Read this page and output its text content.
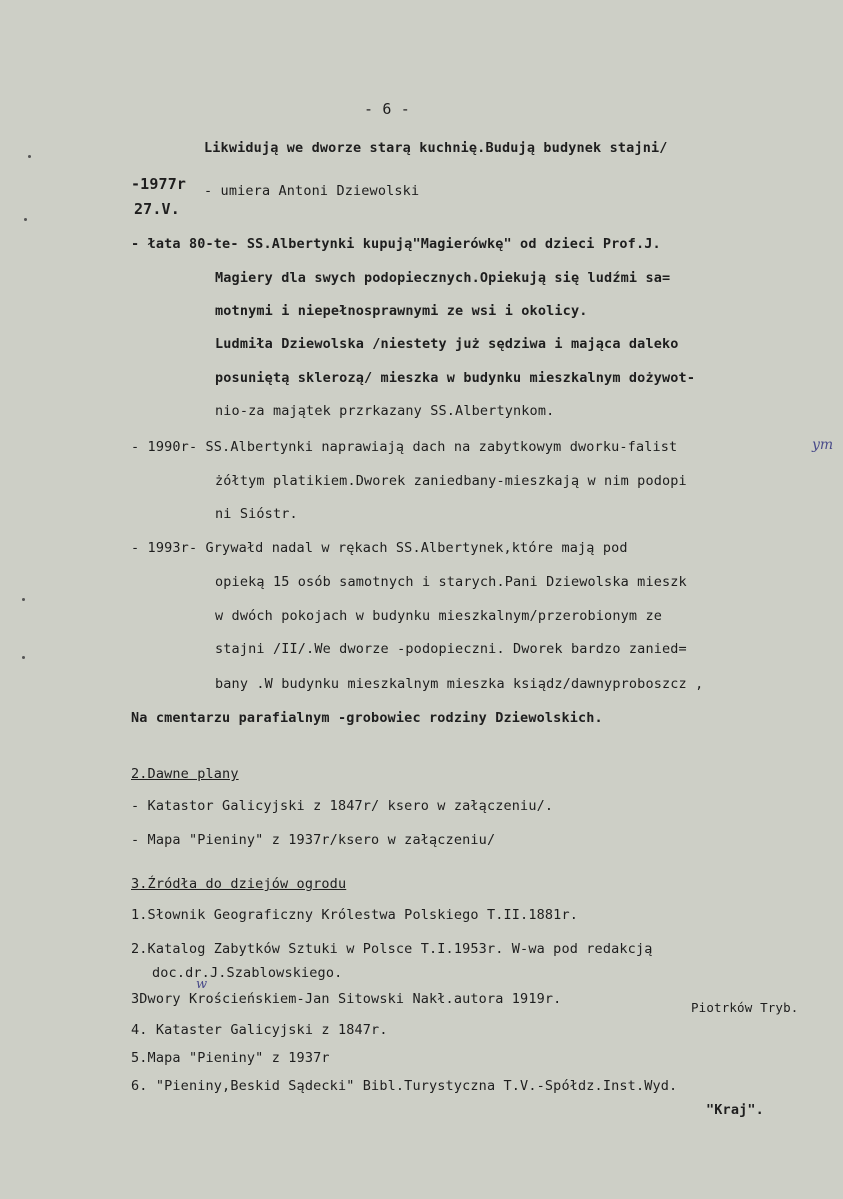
- 6 -
Likwidują we dworze starą kuchnię.Budują budynek stajni/
-1977r - umiera Antoni Dziewolski
27.V.
- łata 80-te- SS.Albertynki kupują"Magierówkę" od dzieci Prof.J.
Magiery dla swych podopiecznych.Opiekują się ludźmi sa=
motnymi i niepełnosprawnymi ze wsi i okolicy.
Ludmiła Dziewolska /niestety już sędziwa i mająca daleko
posuniętą sklerozą/ mieszka w budynku mieszkalnym dożywot-
nio-za majątek przrkazany SS.Albertynkom.
- 1990r- SS.Albertynki naprawiają dach na zabytkowym dworku-falist	ym
żółtym platikiem.Dworek zaniedbany-mieszkają w nim podopi
ni Sióstr.
- 1993r- Grywałd nadal w rękach SS.Albertynek,które mają pod
opieką 15 osób samotnych i starych.Pani Dziewolska mieszk
w dwóch pokojach w budynku mieszkalnym/przerobionym ze
stajni /II/.We dworze -podopieczni. Dworek bardzo zanied=
bany .W budynku mieszkalnym mieszka ksiądz/dawnyproboszcz ,
Na cmentarzu parafialnym -grobowiec rodziny Dziewolskich.
2.Dawne plany
- Katastor Galicyjski z 1847r/ ksero w załączeniu/.
- Mapa "Pieniny" z 1937r/ksero w załączeniu/
3.Źródła do dziejów ogrodu
1.Słownik Geograficzny Królestwa Polskiego T.II.1881r.
2.Katalog Zabytków Sztuki w Polsce T.I.1953r. W-wa pod redakcją
doc.dr.J.Szablowskiego.
w
3Dwory Krościeńskiem-Jan Sitowski Nakł.autora 1919r.
Piotrków Tryb.
4. Kataster Galicyjski z 1847r.
5.Mapa "Pieniny" z 1937r
6. "Pieniny,Beskid Sądecki" Bibl.Turystyczna T.V.-Spółdz.Inst.Wyd.
"Kraj".
